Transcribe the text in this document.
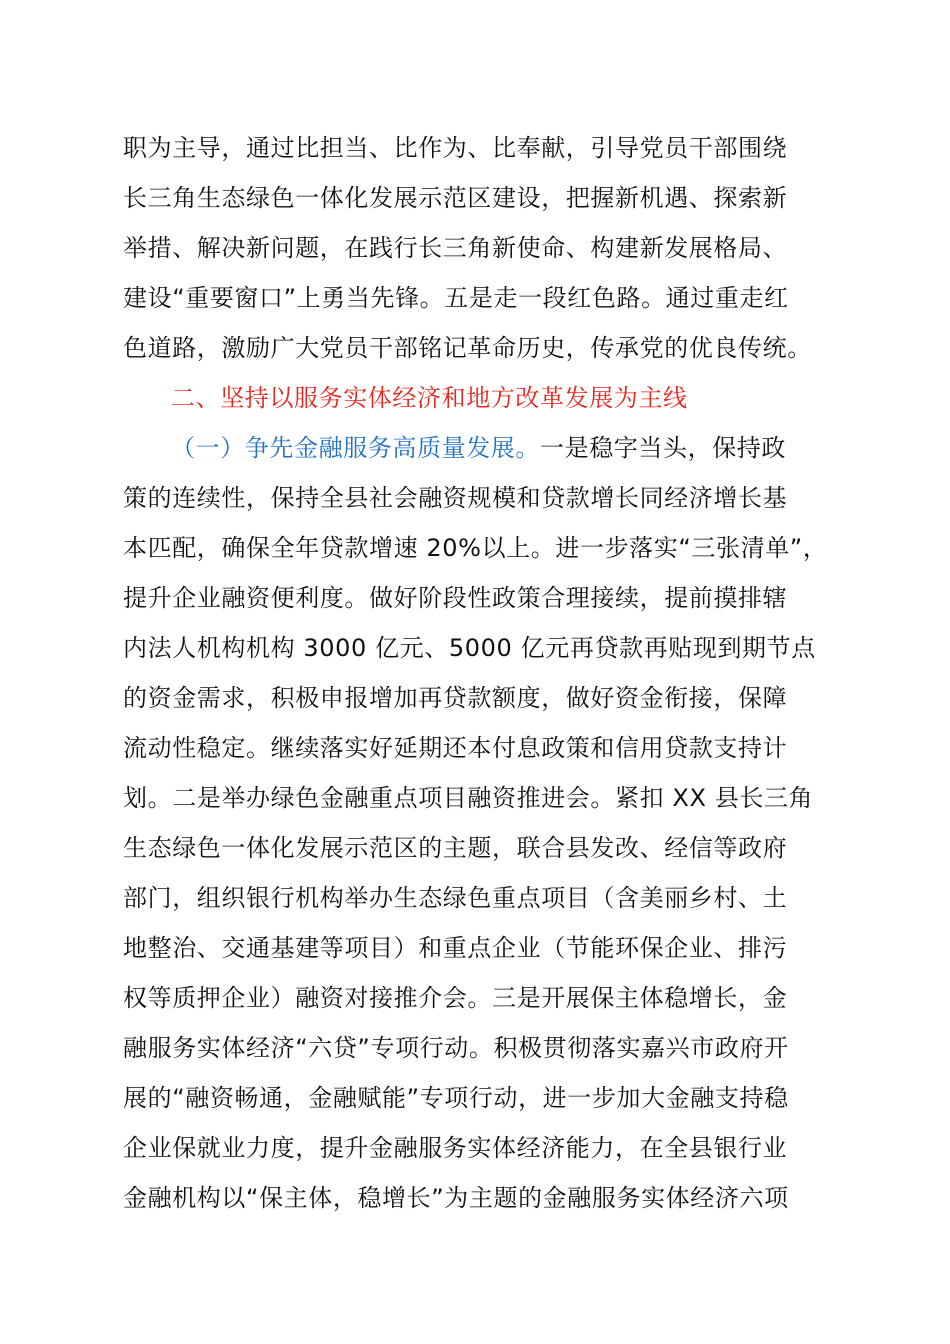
职为主导，通过比担当、比作为、比奉献，引导党员干部围绕
长三角生态绿色一体化发展示范区建设，把握新机遇、探索新
举措、解决新问题，在践行长三角新使命、构建新发展格局、
建设“重要窗口”上勇当先锋。五是走一段红色路。通过重走红
色道路，激励广大党员干部铭记革命历史，传承党的优良传统。
二、坚持以服务实体经济和地方改革发展为主线
（一）争先金融服务高质量发展。一是稳字当头，保持政
策的连续性，保持全县社会融资规模和贷款增长同经济增长基
本匹配，确保全年贷款增速 20%以上。进一步落实“三张清单”，
提升企业融资便利度。做好阶段性政策合理接续，提前摸排辖
内法人机构机构 3000 亿元、5000 亿元再贷款再贴现到期节点
的资金需求，积极申报增加再贷款额度，做好资金衔接，保障
流动性稳定。继续落实好延期还本付息政策和信用贷款支持计
划。二是举办绿色金融重点项目融资推进会。紧扣 XX 县长三角
生态绿色一体化发展示范区的主题，联合县发改、经信等政府
部门，组织银行机构举办生态绿色重点项目（含美丽乡村、土
地整治、交通基建等项目）和重点企业（节能环保企业、排污
权等质押企业）融资对接推介会。三是开展保主体稳增长，金
融服务实体经济“六贷”专项行动。积极贯彻落实嘉兴市政府开
展的“融资畅通，金融赋能”专项行动，进一步加大金融支持稳
企业保就业力度，提升金融服务实体经济能力，在全县银行业
金融机构以“保主体，稳增长”为主题的金融服务实体经济六项
